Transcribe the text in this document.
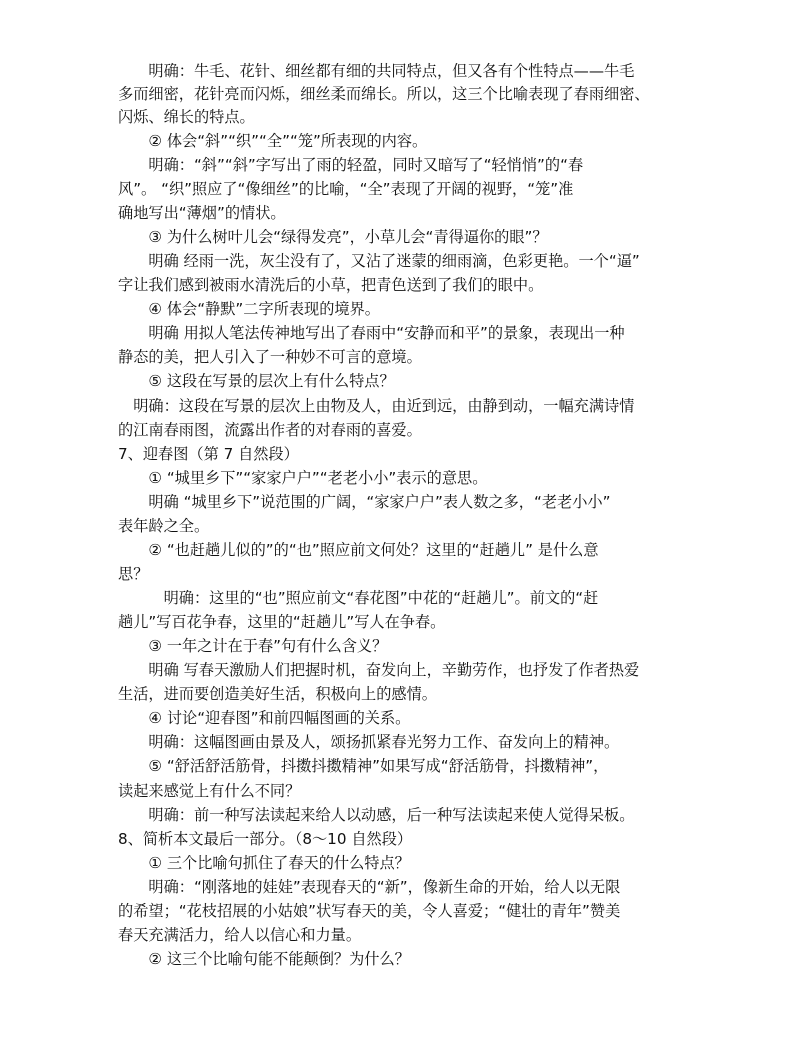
　　明确：牛毛、花针、细丝都有细的共同特点，但又各有个性特点——牛毛
多而细密，花针亮而闪烁，细丝柔而绵长。所以，这三个比喻表现了春雨细密、
闪烁、绵长的特点。
　　② 体会“斜”“织”“全”“笼”所表现的内容。
　　明确：“斜”“斜”字写出了雨的轻盈，同时又暗写了“轻悄悄”的“春
风”。 “织”照应了“像细丝”的比喻，“全”表现了开阔的视野，“笼”准
确地写出“薄烟”的情状。
　　③ 为什么树叶儿会“绿得发亮”，小草儿会“青得逼你的眼”？
　　明确 经雨一洗，灰尘没有了，又沾了迷蒙的细雨滴，色彩更艳。一个“逼”
字让我们感到被雨水清洗后的小草，把青色送到了我们的眼中。
　　④ 体会“静默”二字所表现的境界。
　　明确 用拟人笔法传神地写出了春雨中“安静而和平”的景象，表现出一种
静态的美，把人引入了一种妙不可言的意境。
　　⑤ 这段在写景的层次上有什么特点？
　明确：这段在写景的层次上由物及人，由近到远，由静到动，一幅充满诗情
的江南春雨图，流露出作者的对春雨的喜爱。
7、迎春图（第 7 自然段）
　　① “城里乡下”“家家户户”“老老小小”表示的意思。
　　明确 “城里乡下”说范围的广阔，“家家户户”表人数之多，“老老小小”
表年龄之全。
　　② “也赶趟儿似的”的“也”照应前文何处？这里的“赶趟儿” 是什么意
思？
　　　明确：这里的“也”照应前文“春花图”中花的“赶趟儿”。前文的“赶
趟儿”写百花争春，这里的“赶趟儿”写人在争春。
　　③ 一年之计在于春”句有什么含义？
　　明确 写春天激励人们把握时机，奋发向上，辛勤劳作，也抒发了作者热爱
生活，进而要创造美好生活，积极向上的感情。
　　④ 讨论“迎春图”和前四幅图画的关系。
　　明确：这幅图画由景及人，颂扬抓紧春光努力工作、奋发向上的精神。
　　⑤ “舒活舒活筋骨，抖擞抖擞精神”如果写成“舒活筋骨，抖擞精神”，
读起来感觉上有什么不同？
　　明确：前一种写法读起来给人以动感，后一种写法读起来使人觉得呆板。
8、简析本文最后一部分。（8～10 自然段）
　　① 三个比喻句抓住了春天的什么特点？
　　明确：“刚落地的娃娃”表现春天的“新”，像新生命的开始，给人以无限
的希望；“花枝招展的小姑娘”状写春天的美，令人喜爱；“健壮的青年”赞美
春天充满活力，给人以信心和力量。
　　② 这三个比喻句能不能颠倒？为什么？
